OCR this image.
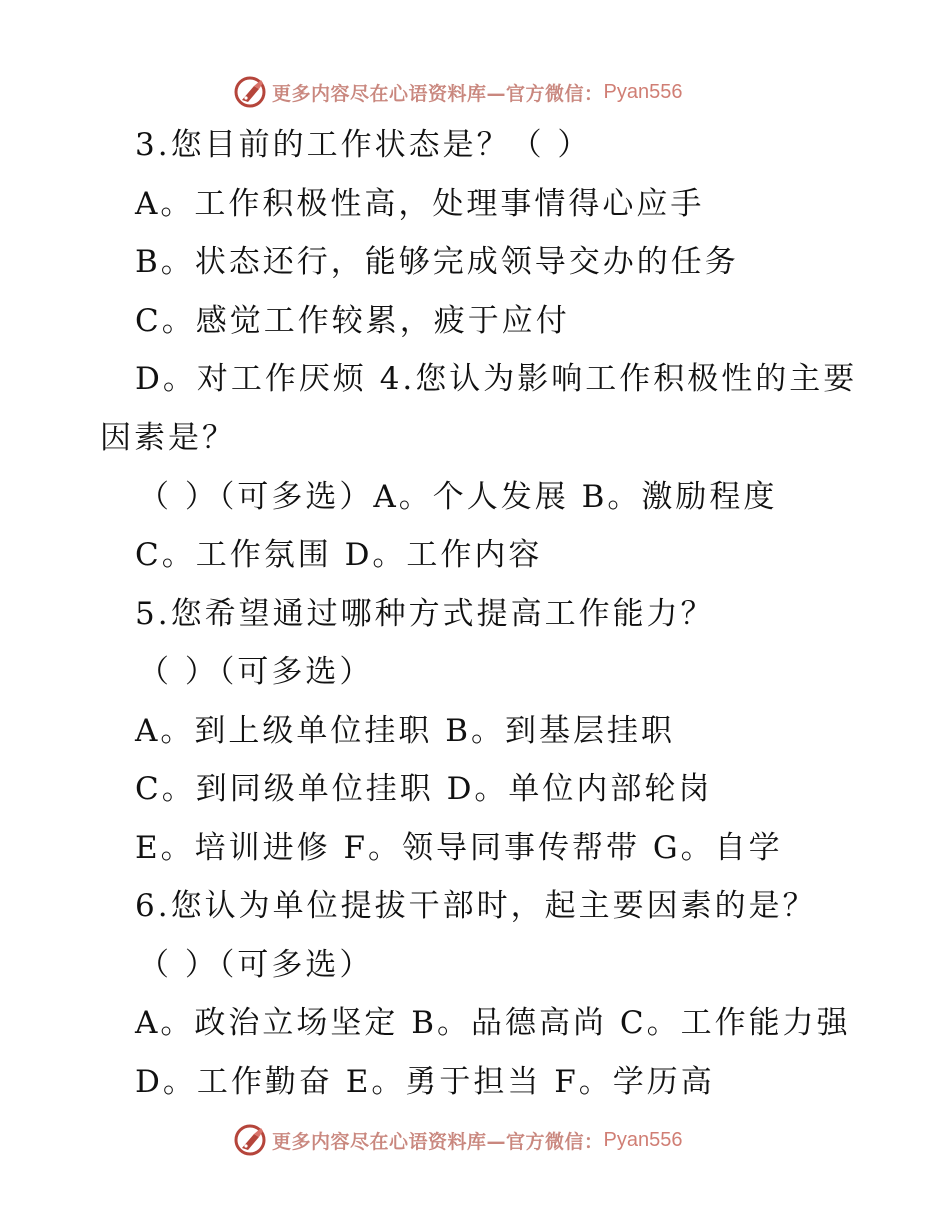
更多内容尽在心语资料库—官方微信： Pyan556
3.您目前的工作状态是？（ ）
A。工作积极性高，处理事情得心应手
B。状态还行，能够完成领导交办的任务
C。感觉工作较累，疲于应付
D。对工作厌烦 4.您认为影响工作积极性的主要
因素是？
（ ）（可多选）A。个人发展 B。激励程度
C。工作氛围 D。工作内容
5.您希望通过哪种方式提高工作能力？
（ ）（可多选）
A。到上级单位挂职 B。到基层挂职
C。到同级单位挂职 D。单位内部轮岗
E。培训进修 F。领导同事传帮带 G。自学
6.您认为单位提拔干部时，起主要因素的是？
（ ）（可多选）
A。政治立场坚定 B。品德高尚 C。工作能力强
D。工作勤奋 E。勇于担当 F。学历高
更多内容尽在心语资料库—官方微信： Pyan556
